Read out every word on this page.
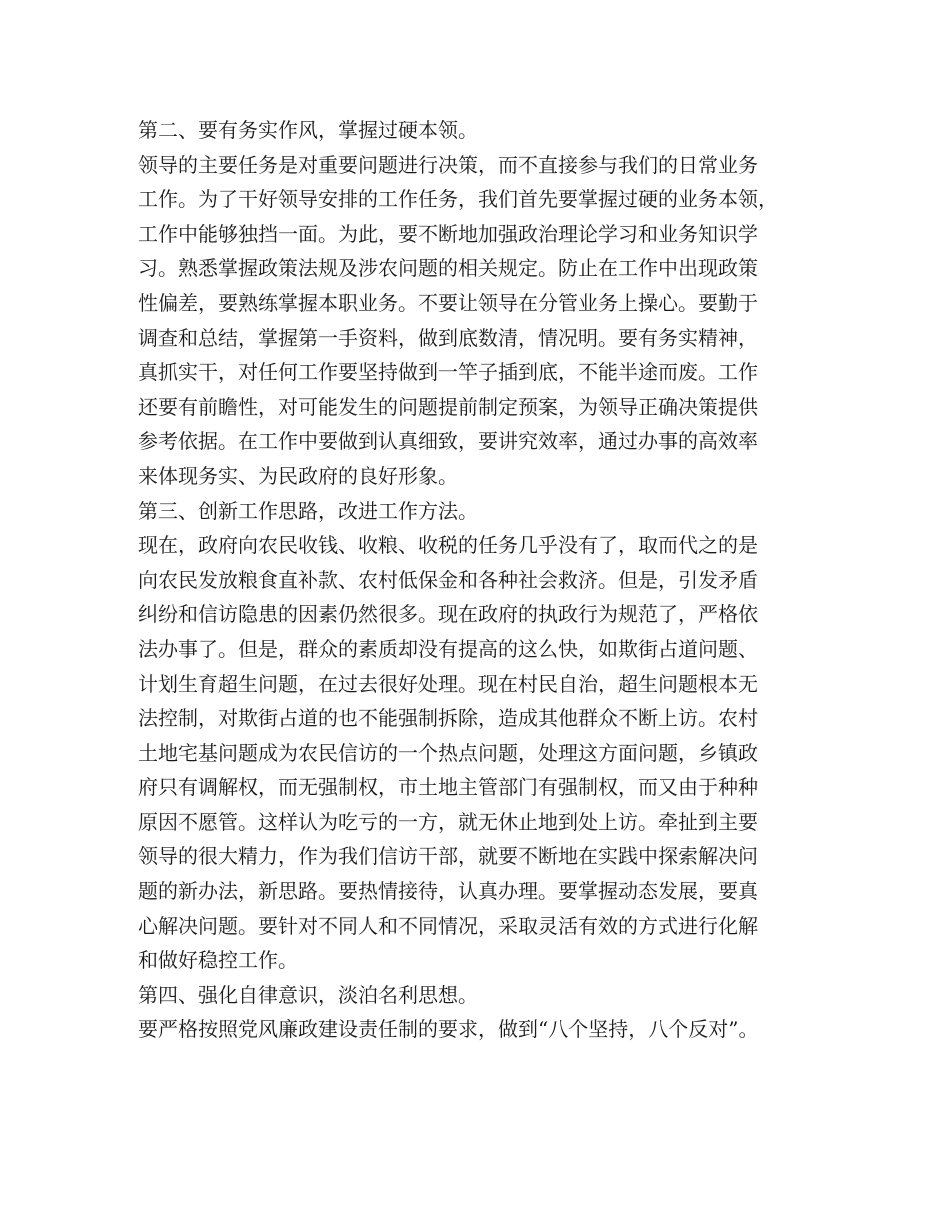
第二、要有务实作风，掌握过硬本领。
领导的主要任务是对重要问题进行决策，而不直接参与我们的日常业务
工作。为了干好领导安排的工作任务，我们首先要掌握过硬的业务本领，
工作中能够独挡一面。为此，要不断地加强政治理论学习和业务知识学
习。熟悉掌握政策法规及涉农问题的相关规定。防止在工作中出现政策
性偏差，要熟练掌握本职业务。不要让领导在分管业务上操心。要勤于
调查和总结，掌握第一手资料，做到底数清，情况明。要有务实精神，
真抓实干，对任何工作要坚持做到一竿子插到底，不能半途而废。工作
还要有前瞻性，对可能发生的问题提前制定预案，为领导正确决策提供
参考依据。在工作中要做到认真细致，要讲究效率，通过办事的高效率
来体现务实、为民政府的良好形象。
第三、创新工作思路，改进工作方法。
现在，政府向农民收钱、收粮、收税的任务几乎没有了，取而代之的是
向农民发放粮食直补款、农村低保金和各种社会救济。但是，引发矛盾
纠纷和信访隐患的因素仍然很多。现在政府的执政行为规范了，严格依
法办事了。但是，群众的素质却没有提高的这么快，如欺街占道问题、
计划生育超生问题，在过去很好处理。现在村民自治，超生问题根本无
法控制，对欺街占道的也不能强制拆除，造成其他群众不断上访。农村
土地宅基问题成为农民信访的一个热点问题，处理这方面问题，乡镇政
府只有调解权，而无强制权，市土地主管部门有强制权，而又由于种种
原因不愿管。这样认为吃亏的一方，就无休止地到处上访。牵扯到主要
领导的很大精力，作为我们信访干部，就要不断地在实践中探索解决问
题的新办法，新思路。要热情接待，认真办理。要掌握动态发展，要真
心解决问题。要针对不同人和不同情况，采取灵活有效的方式进行化解
和做好稳控工作。
第四、强化自律意识，淡泊名利思想。
要严格按照党风廉政建设责任制的要求，做到“八个坚持，八个反对”。
